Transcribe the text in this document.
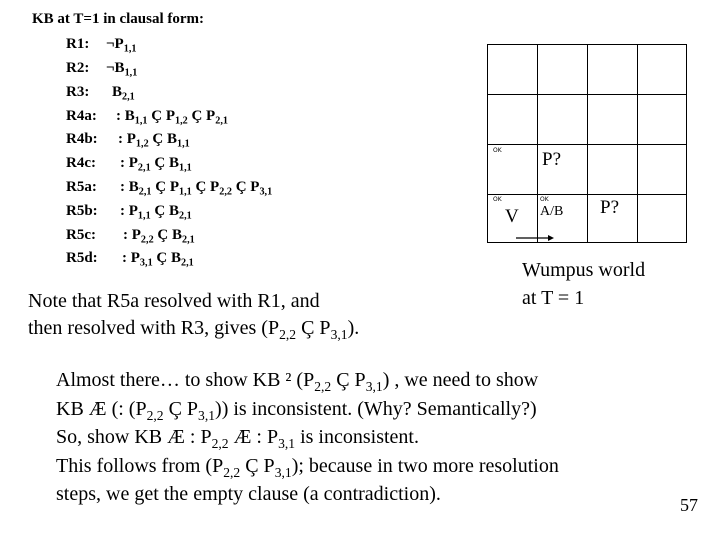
KB at T=1 in clausal form:
R1: $\neg P_{1,1}$
R2: $\neg B_{1,1}$
R3: $B_{2,1}$
R4a: : $B_{1,1}$ Ç $P_{1,2}$ Ç $P_{2,1}$
R4b: : $P_{1,2}$ Ç $B_{1,1}$
R4c: : $P_{2,1}$ Ç $B_{1,1}$
R5a: : $B_{2,1}$ Ç $P_{1,1}$ Ç $P_{2,2}$ Ç $P_{3,1}$
R5b: : $P_{1,1}$ Ç $B_{2,1}$
R5c: : $P_{2,2}$ Ç $B_{2,1}$
R5d: : $P_{3,1}$ Ç $B_{2,1}$
Note that R5a resolved with R1, and
then resolved with R3, gives ($P_{2,2}$ Ç $P_{3,1}$).
OK P?
OK	OK
V A/B P?
Wumpus world
at T = 1
Almost there… to show KB ² ($P_{2,2}$ Ç $P_{3,1}$) , we need to show
KB Æ (: ($P_{2,2}$ Ç $P_{3,1}$)) is inconsistent. (Why? Semantically?)
So, show KB Æ : $P_{2,2}$ Æ : $P_{3,1}$ is inconsistent.
This follows from ($P_{2,2}$ Ç $P_{3,1}$); because in two more resolution
steps, we get the empty clause (a contradiction).	57
